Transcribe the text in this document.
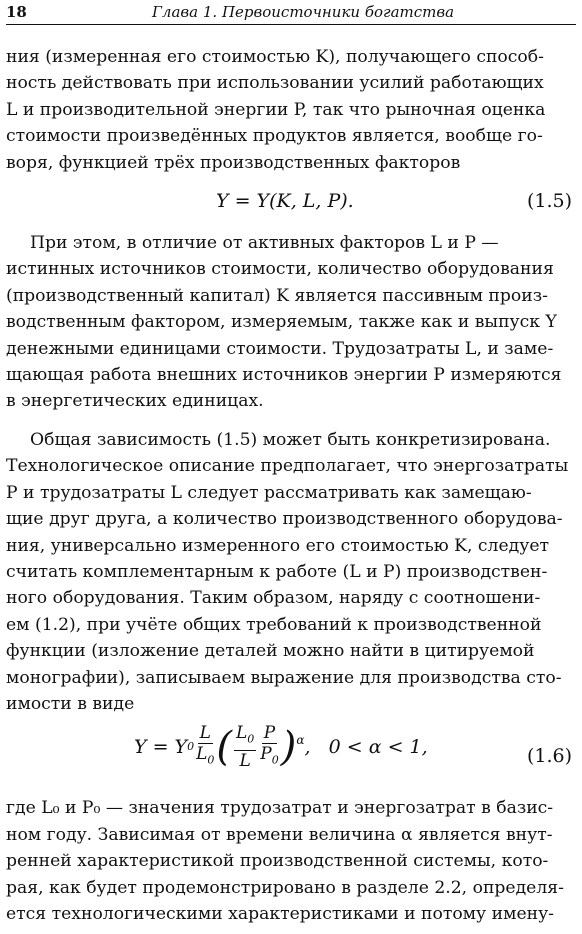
18	Глава 1. Первоисточники богатства
ния (измеренная его стоимостью K), получающего способ-
ность действовать при использовании усилий работающих
L и производительной энергии P, так что рыночная оценка
стоимости произведённых продуктов является, вообще го-
воря, функцией трёх производственных факторов
Y = Y(K, L, P).	(1.5)
При этом, в отличие от активных факторов L и P —
истинных источников стоимости, количество оборудования
(производственный капитал) K является пассивным произ-
водственным фактором, измеряемым, также как и выпуск Y
денежными единицами стоимости. Трудозатраты L, и заме-
щающая работа внешних источников энергии P измеряются
в энергетических единицах.
Общая зависимость (1.5) может быть конкретизирована.
Технологическое описание предполагает, что энергозатраты
P и трудозатраты L следует рассматривать как замещаю-
щие друг друга, а количество производственного оборудова-
ния, универсально измеренного его стоимостью K, следует
считать комплементарным к работе (L и P) производствен-
ного оборудования. Таким образом, наряду с соотношени-
ем (1.2), при учёте общих требований к производственной
функции (изложение деталей можно найти в цитируемой
монографии), записываем выражение для производства сто-
имости в виде
Y = Y $0 \frac{L}{L_0}$ ( $\frac{L_0}{L} \frac{P}{P_0} )^\alpha$ ,   0 < α < 1,	(1.6)
где L₀ и P₀ — значения трудозатрат и энергозатрат в базис-
ном году. Зависимая от времени величина α является внут-
ренней характеристикой производственной системы, кото-
рая, как будет продемонстрировано в разделе 2.2, определя-
ется технологическими характеристиками и потому имену-
